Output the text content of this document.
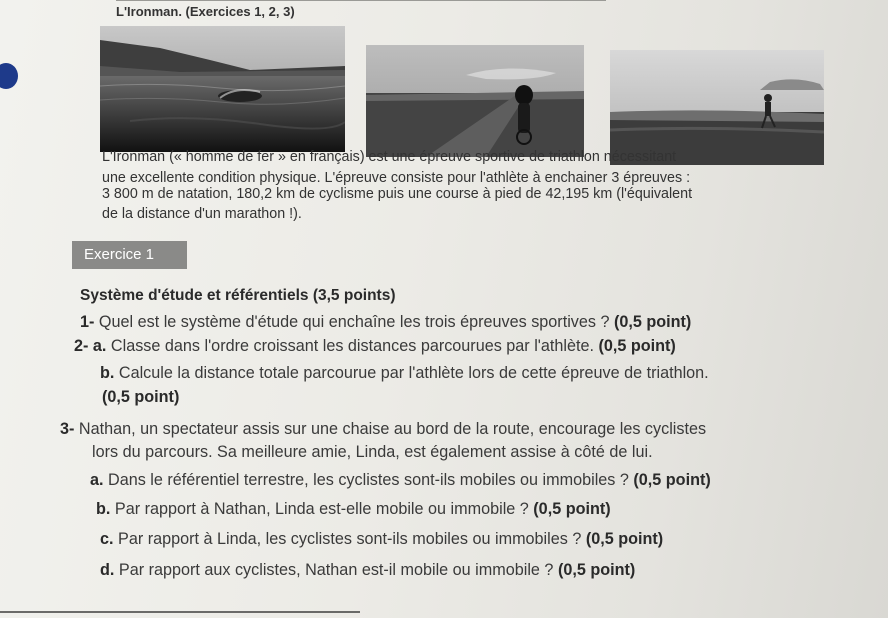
L'Ironman. (Exercices 1, 2, 3)
L'Ironman (« homme de fer » en français) est une épreuve sportive de triathlon nécessitant
une excellente condition physique. L'épreuve consiste pour l'athlète à enchainer 3 épreuves :
3 800 m de natation, 180,2 km de cyclisme puis une course à pied de 42,195 km (l'équivalent
de la distance d'un marathon !).
Exercice 1
Système d'étude et référentiels (3,5 points)
1- Quel est le système d'étude qui enchaîne les trois épreuves sportives ? (0,5 point)
2- a. Classe dans l'ordre croissant les distances parcourues par l'athlète. (0,5 point)
b. Calcule la distance totale parcourue par l'athlète lors de cette épreuve de triathlon.
(0,5 point)
3- Nathan, un spectateur assis sur une chaise au bord de la route, encourage les cyclistes
lors du parcours. Sa meilleure amie, Linda, est également assise à côté de lui.
a. Dans le référentiel terrestre, les cyclistes sont-ils mobiles ou immobiles ? (0,5 point)
b. Par rapport à Nathan, Linda est-elle mobile ou immobile ? (0,5 point)
c. Par rapport à Linda, les cyclistes sont-ils mobiles ou immobiles ? (0,5 point)
d. Par rapport aux cyclistes, Nathan est-il mobile ou immobile ? (0,5 point)
